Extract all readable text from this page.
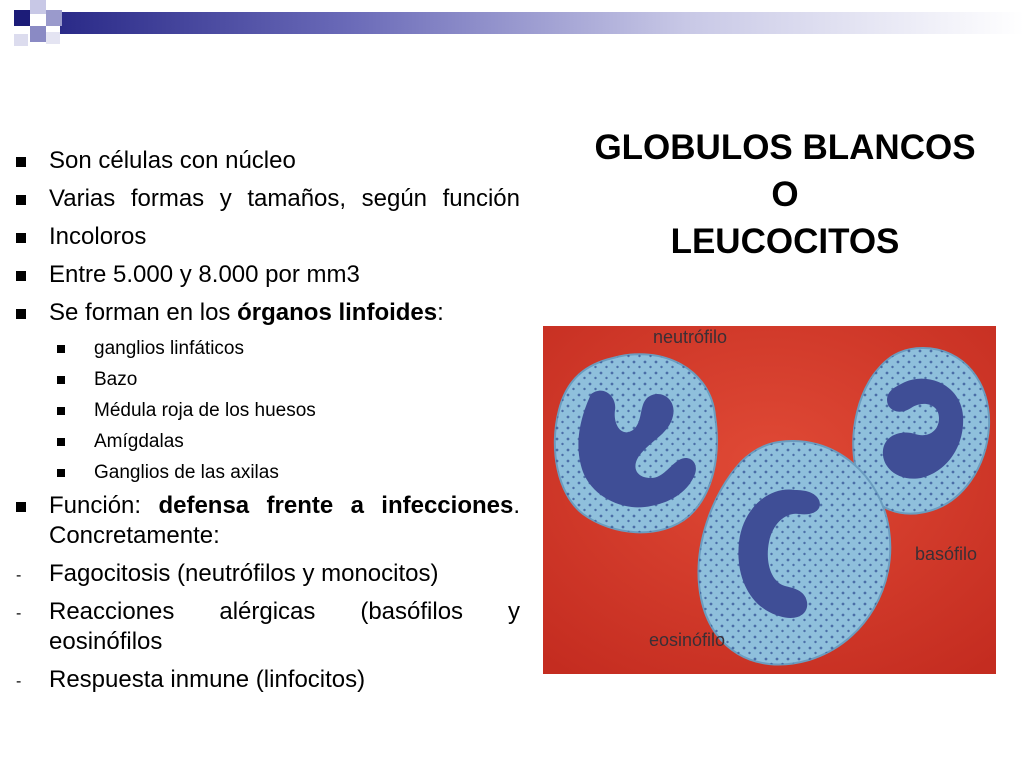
GLOBULOS BLANCOS
O
LEUCOCITOS
Son células con núcleo
Varias formas y tamaños, según función
Incoloros
Entre 5.000 y 8.000 por mm3
Se forman en los órganos linfoides:
ganglios linfáticos
Bazo
Médula roja de los huesos
Amígdalas
Ganglios de las axilas
Función: defensa frente a infecciones. Concretamente:
-	Fagocitosis (neutrófilos y monocitos)
-	Reacciones alérgicas (basófilos y eosinófilos
-	Respuesta inmune (linfocitos)
neutrófilo
basófilo
eosinófilo
